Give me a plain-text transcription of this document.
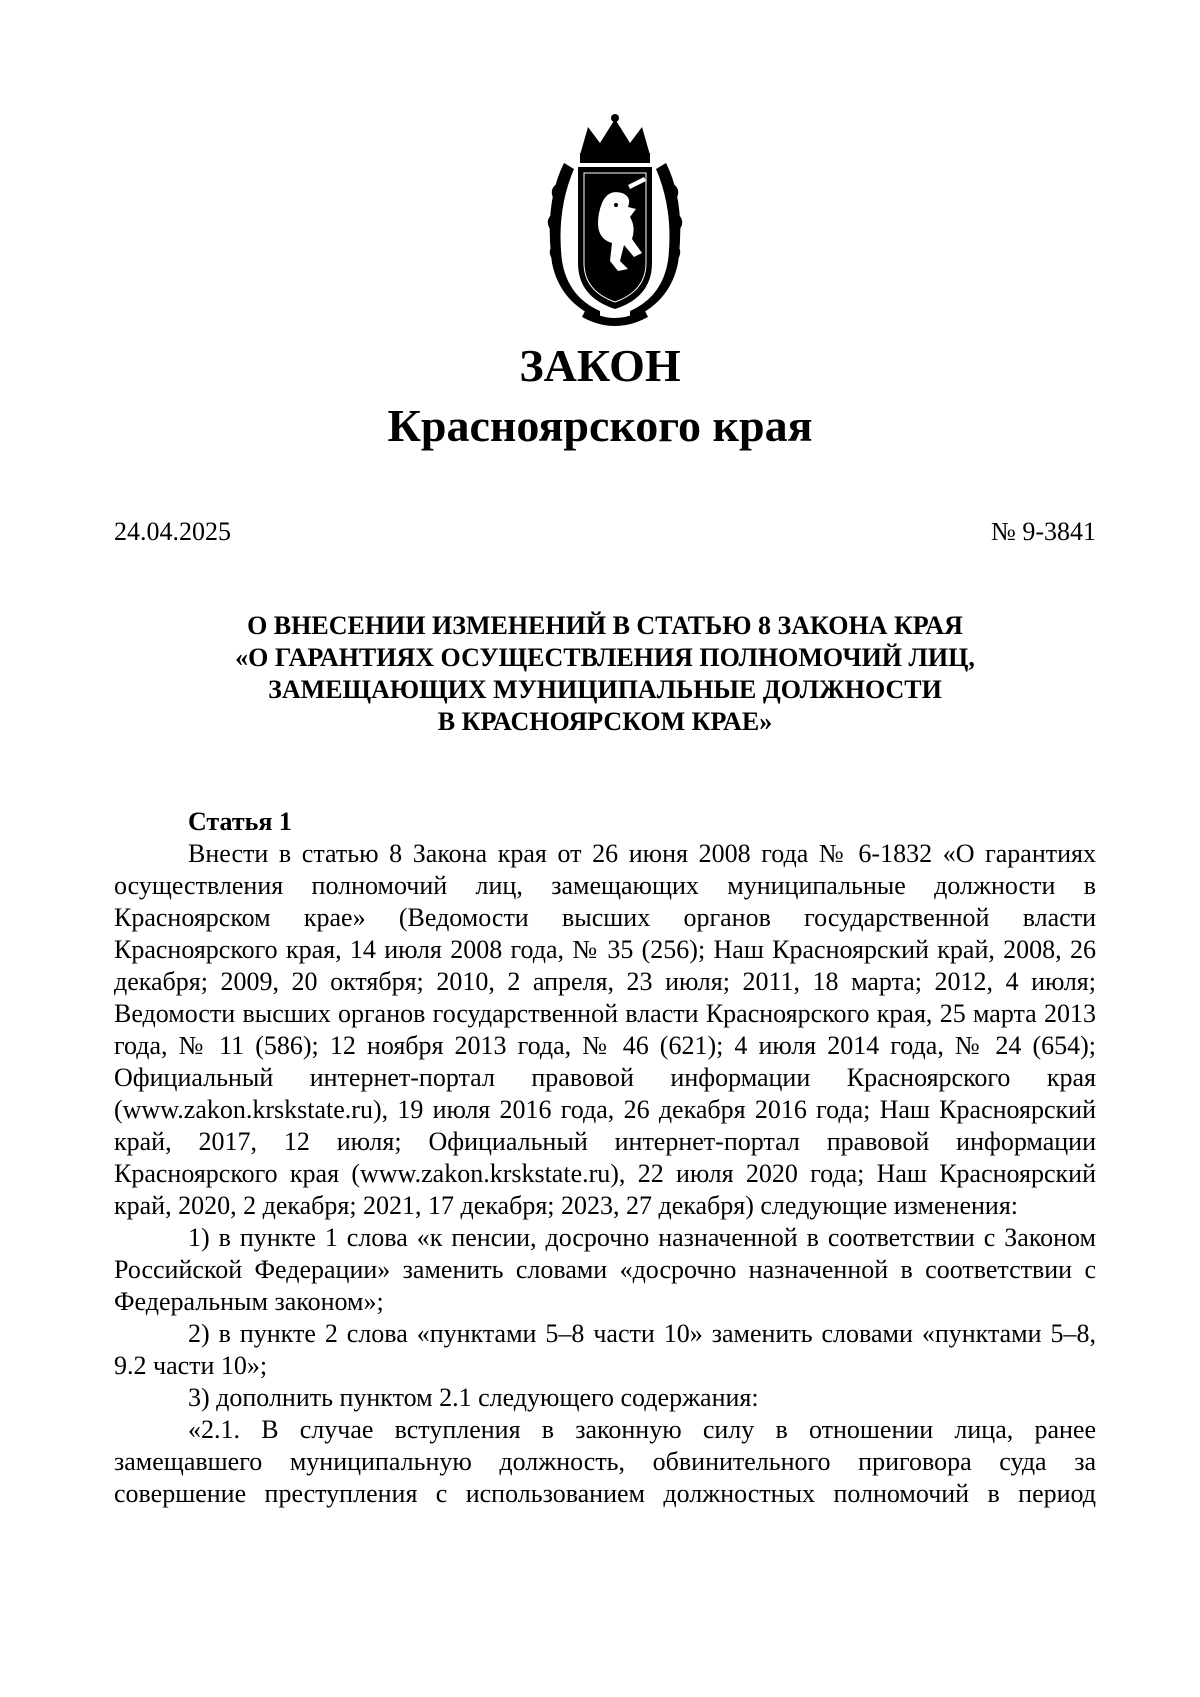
ЗАКОН
Красноярского края
24.04.2025	№ 9-3841
О ВНЕСЕНИИ ИЗМЕНЕНИЙ В СТАТЬЮ 8 ЗАКОНА КРАЯ
«О ГАРАНТИЯХ ОСУЩЕСТВЛЕНИЯ ПОЛНОМОЧИЙ ЛИЦ,
ЗАМЕЩАЮЩИХ МУНИЦИПАЛЬНЫЕ ДОЛЖНОСТИ
В КРАСНОЯРСКОМ КРАЕ»
Статья 1

Внести в статью 8 Закона края от 26 июня 2008 года № 6-1832 «О гарантиях осуществления полномочий лиц, замещающих муниципальные должности в Красноярском крае» (Ведомости высших органов государственной власти Красноярского края, 14 июля 2008 года, № 35 (256); Наш Красноярский край, 2008, 26 декабря; 2009, 20 октября; 2010, 2 апреля, 23 июля; 2011, 18 марта; 2012, 4 июля; Ведомости высших органов государственной власти Красноярского края, 25 марта 2013 года, № 11 (586); 12 ноября 2013 года, № 46 (621); 4 июля 2014 года, № 24 (654); Официальный интернет-портал правовой информации Красноярского края (www.zakon.krskstate.ru), 19 июля 2016 года, 26 декабря 2016 года; Наш Красноярский край, 2017, 12 июля; Официальный интернет-портал правовой информации Красноярского края (www.zakon.krskstate.ru), 22 июля 2020 года; Наш Красноярский край, 2020, 2 декабря; 2021, 17 декабря; 2023, 27 декабря) следующие изменения:

1) в пункте 1 слова «к пенсии, досрочно назначенной в соответствии с Законом Российской Федерации» заменить словами «досрочно назначенной в соответствии с Федеральным законом»;

2) в пункте 2 слова «пунктами 5–8 части 10» заменить словами «пунктами 5–8, 9.2 части 10»;

3) дополнить пунктом 2.1 следующего содержания:

«2.1. В случае вступления в законную силу в отношении лица, ранее замещавшего муниципальную должность, обвинительного приговора суда за совершение преступления с использованием должностных полномочий в период
